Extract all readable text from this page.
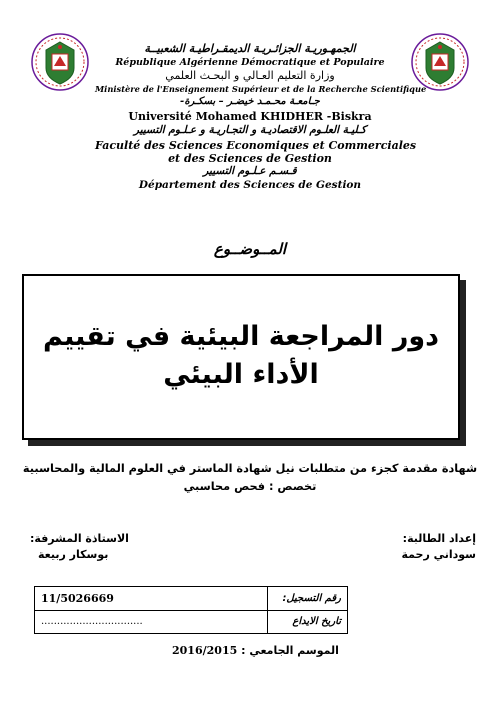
الجمهـوريـة الجزائـريـة الديمقـراطيـة الشعبيــة
République Algérienne Démocratique et Populaire
وزارة التعليم العـالي و البحـث العلمي
Ministère de l'Enseignement Supérieur et de la Recherche Scientifique
جـامعـة محـمـد خيضـر – بسكـرة-
Université Mohamed KHIDHER -Biskra
كـليـة العلـوم الاقتصاديـة و التجـاريـة و عـلـوم التسيير
Faculté des Sciences Economiques et Commerciales
et des Sciences de Gestion
قـسـم عـلـوم التسيير
Département des Sciences de Gestion
المــوضــوع
دور المراجعة البيئية في تقييم الأداء البيئي
شهادة مقدمة كجزء من متطلبات نيل شهادة الماستر في العلوم المالية والمحاسبية
تخصص : فحص محاسبي
إعداد الطالبة:
سوداني رحمة
الاستاذة المشرفة:
بوسكار ربيعة
11/5026669	رقم التسجيل:
................................	تاريخ الايداع
2016/2015 الموسم الجامعي :
